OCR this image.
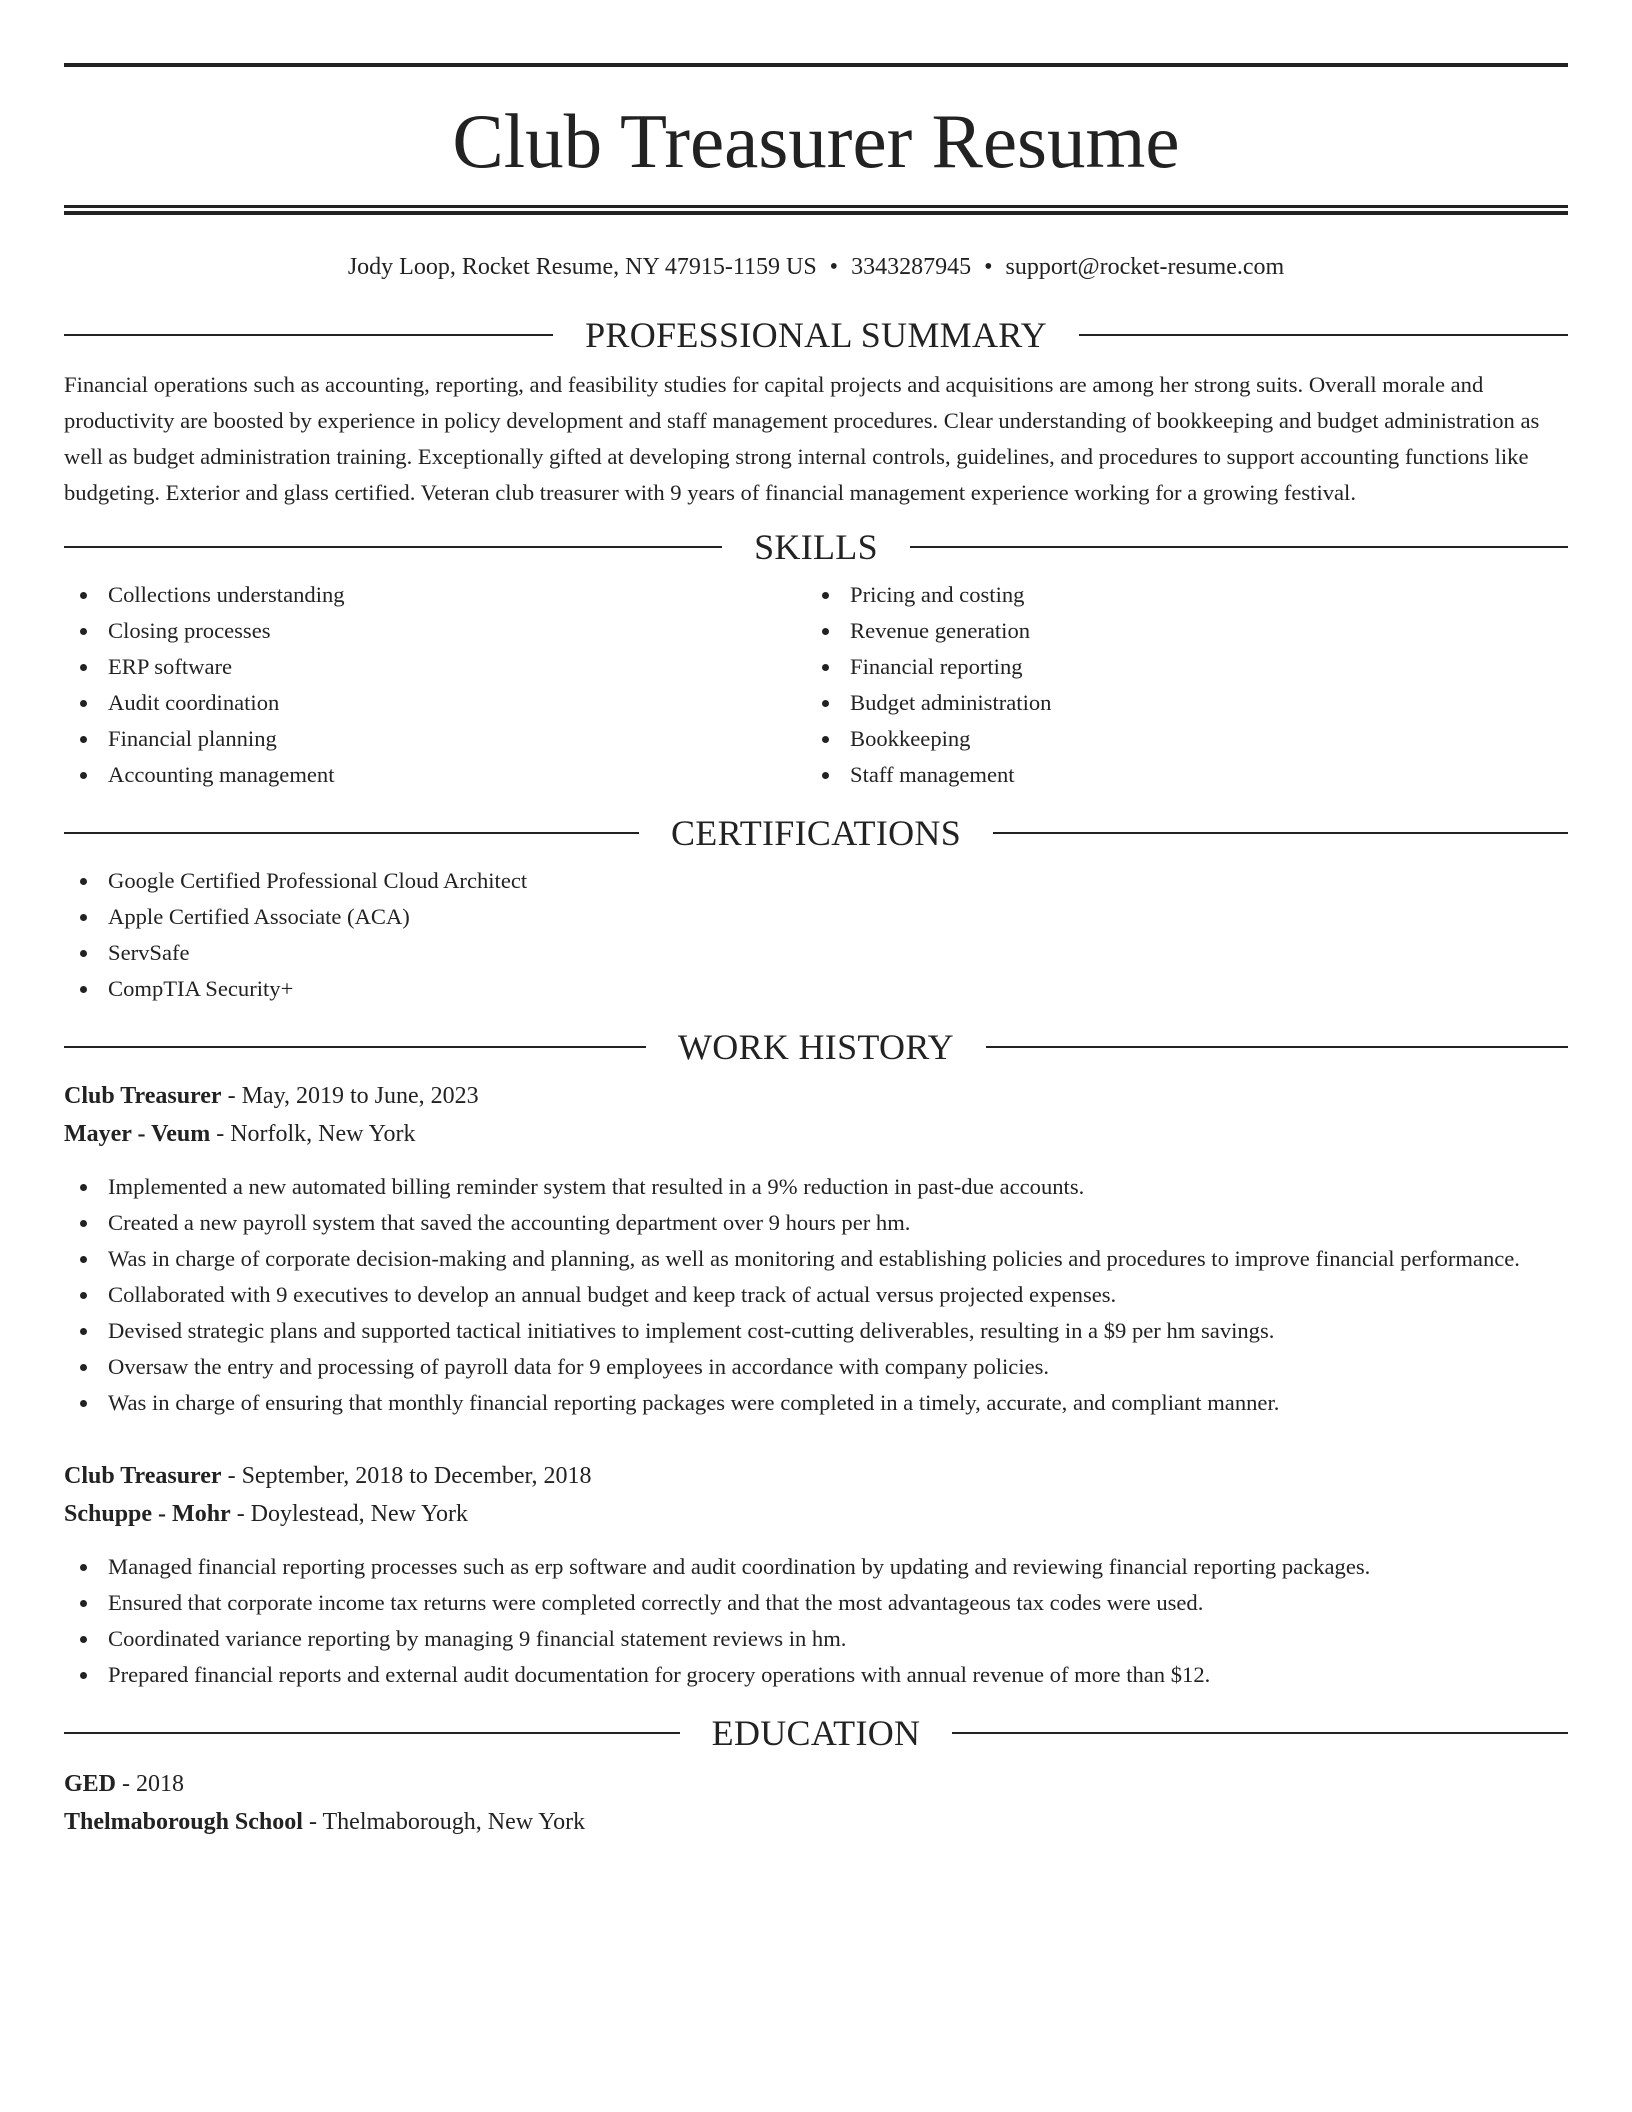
Club Treasurer Resume
Jody Loop, Rocket Resume, NY 47915-1159 US • 3343287945 • support@rocket-resume.com
PROFESSIONAL SUMMARY

Financial operations such as accounting, reporting, and feasibility studies for capital projects and acquisitions are among her strong suits. Overall morale and productivity are boosted by experience in policy development and staff management procedures. Clear understanding of bookkeeping and budget administration as well as budget administration training. Exceptionally gifted at developing strong internal controls, guidelines, and procedures to support accounting functions like budgeting. Exterior and glass certified. Veteran club treasurer with 9 years of financial management experience working for a growing festival.

SKILLS
Collections understanding
Closing processes
ERP software
Audit coordination
Financial planning
Accounting management
Pricing and costing
Revenue generation
Financial reporting
Budget administration
Bookkeeping
Staff management
CERTIFICATIONS
Google Certified Professional Cloud Architect
Apple Certified Associate (ACA)
ServSafe
CompTIA Security+
WORK HISTORY
Club Treasurer - May, 2019 to June, 2023
Mayer - Veum - Norfolk, New York
Implemented a new automated billing reminder system that resulted in a 9% reduction in past-due accounts.
Created a new payroll system that saved the accounting department over 9 hours per hm.
Was in charge of corporate decision-making and planning, as well as monitoring and establishing policies and procedures to improve financial performance.
Collaborated with 9 executives to develop an annual budget and keep track of actual versus projected expenses.
Devised strategic plans and supported tactical initiatives to implement cost-cutting deliverables, resulting in a $9 per hm savings.
Oversaw the entry and processing of payroll data for 9 employees in accordance with company policies.
Was in charge of ensuring that monthly financial reporting packages were completed in a timely, accurate, and compliant manner.
Club Treasurer - September, 2018 to December, 2018
Schuppe - Mohr - Doylestead, New York
Managed financial reporting processes such as erp software and audit coordination by updating and reviewing financial reporting packages.
Ensured that corporate income tax returns were completed correctly and that the most advantageous tax codes were used.
Coordinated variance reporting by managing 9 financial statement reviews in hm.
Prepared financial reports and external audit documentation for grocery operations with annual revenue of more than $12.
EDUCATION
GED - 2018
Thelmaborough School - Thelmaborough, New York
